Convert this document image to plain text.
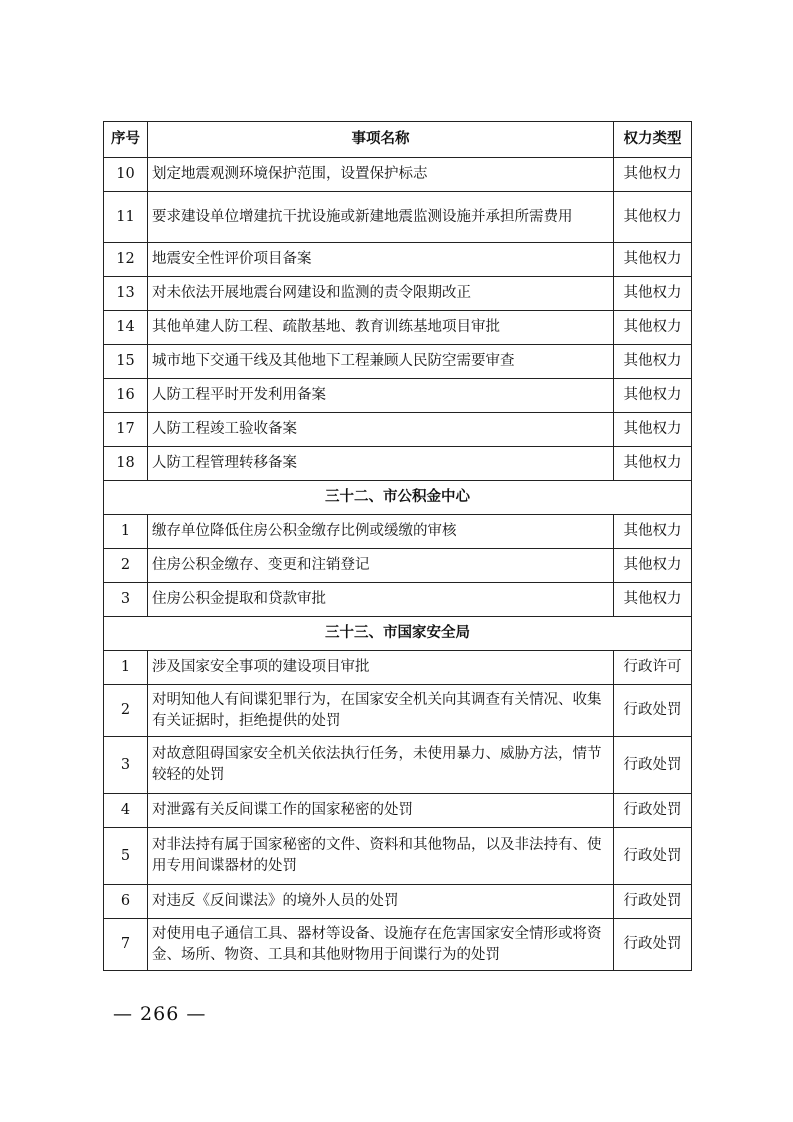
序号	事项名称	权力类型
10	划定地震观测环境保护范围，设置保护标志	其他权力
11	要求建设单位增建抗干扰设施或新建地震监测设施并承担所需费用	其他权力
12	地震安全性评价项目备案	其他权力
13	对未依法开展地震台网建设和监测的责令限期改正	其他权力
14	其他单建人防工程、疏散基地、教育训练基地项目审批	其他权力
15	城市地下交通干线及其他地下工程兼顾人民防空需要审查	其他权力
16	人防工程平时开发利用备案	其他权力
17	人防工程竣工验收备案	其他权力
18	人防工程管理转移备案	其他权力
三十二、市公积金中心		
1	缴存单位降低住房公积金缴存比例或缓缴的审核	其他权力
2	住房公积金缴存、变更和注销登记	其他权力
3	住房公积金提取和贷款审批	其他权力
三十三、市国家安全局		
1	涉及国家安全事项的建设项目审批	行政许可
2	对明知他人有间谍犯罪行为，在国家安全机关向其调查有关情况、收集有关证据时，拒绝提供的处罚	行政处罚
3	对故意阻碍国家安全机关依法执行任务，未使用暴力、威胁方法，情节较轻的处罚	行政处罚
4	对泄露有关反间谍工作的国家秘密的处罚	行政处罚
5	对非法持有属于国家秘密的文件、资料和其他物品，以及非法持有、使用专用间谍器材的处罚	行政处罚
6	对违反《反间谍法》的境外人员的处罚	行政处罚
7	对使用电子通信工具、器材等设备、设施存在危害国家安全情形或将资金、场所、物资、工具和其他财物用于间谍行为的处罚	行政处罚
— 266 —
